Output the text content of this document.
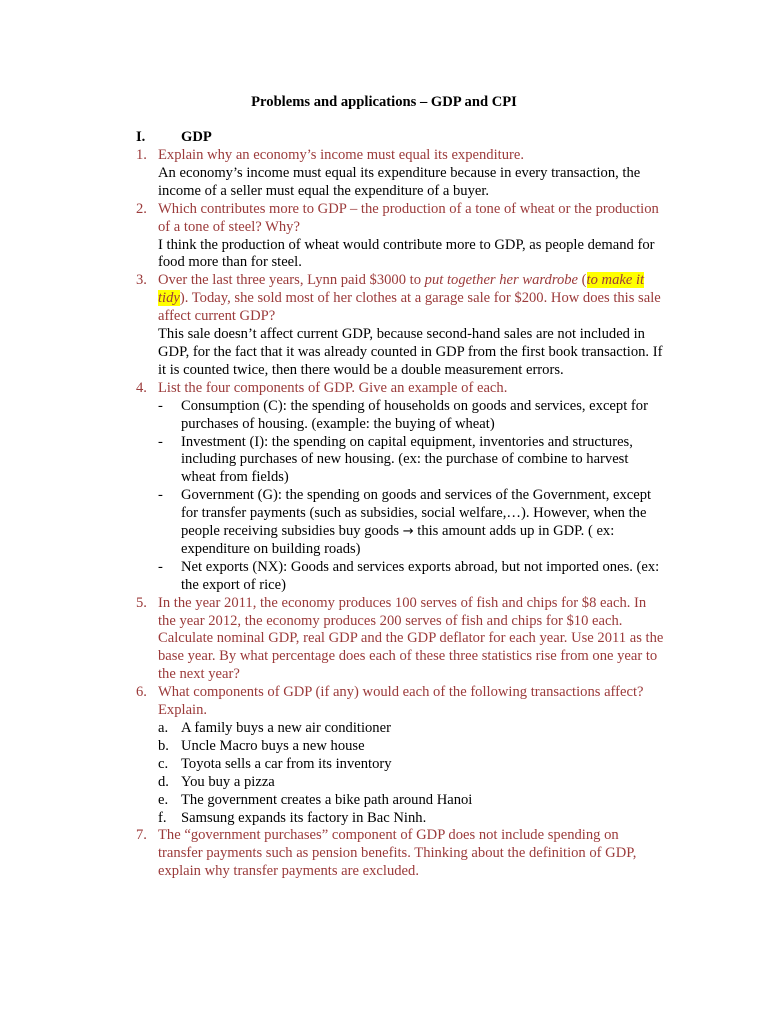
Problems and applications – GDP and CPI
I. GDP
1. Explain why an economy’s income must equal its expenditure.
An economy’s income must equal its expenditure because in every transaction, the income of a seller must equal the expenditure of a buyer.
2. Which contributes more to GDP – the production of a tone of wheat or the production of a tone of steel? Why?
I think the production of wheat would contribute more to GDP, as people demand for food more than for steel.
3. Over the last three years, Lynn paid $3000 to put together her wardrobe (to make it tidy). Today, she sold most of her clothes at a garage sale for $200. How does this sale affect current GDP?
This sale doesn’t affect current GDP, because second-hand sales are not included in GDP, for the fact that it was already counted in GDP from the first book transaction. If it is counted twice, then there would be a double measurement errors.
4. List the four components of GDP. Give an example of each.
-	Consumption (C): the spending of households on goods and services, except for purchases of housing. (example: the buying of wheat)
-	Investment (I): the spending on capital equipment, inventories and structures, including purchases of new housing. (ex: the purchase of combine to harvest wheat from fields)
-	Government (G): the spending on goods and services of the Government, except for transfer payments (such as subsidies, social welfare,…). However, when the people receiving subsidies buy goods → this amount adds up in GDP. ( ex: expenditure on building roads)
-	Net exports (NX): Goods and services exports abroad, but not imported ones. (ex: the export of rice)
5. In the year 2011, the economy produces 100 serves of fish and chips for $8 each. In the year 2012, the economy produces 200 serves of fish and chips for $10 each. Calculate nominal GDP, real GDP and the GDP deflator for each year. Use 2011 as the base year. By what percentage does each of these three statistics rise from one year to the next year?
6. What components of GDP (if any) would each of the following transactions affect? Explain.
a. A family buys a new air conditioner
b. Uncle Macro buys a new house
c. Toyota sells a car from its inventory
d. You buy a pizza
e. The government creates a bike path around Hanoi
f. Samsung expands its factory in Bac Ninh.
7. The “government purchases” component of GDP does not include spending on transfer payments such as pension benefits. Thinking about the definition of GDP, explain why transfer payments are excluded.
